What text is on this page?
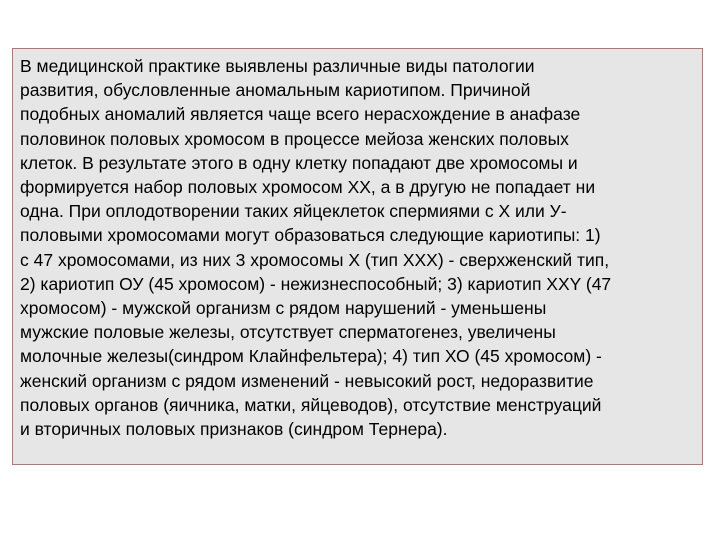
В медицинской практике выявлены различные виды патологии
развития, обусловленные аномальным кариотипом. Причиной
подобных аномалий является чаще всего нерасхождение в анафазе
половинок половых хромосом в процессе мейоза женских половых
клеток. В результате этого в одну клетку попадают две хромосомы и
формируется набор половых хромосом ХХ, а в другую не попадает ни
одна. При оплодотворении таких яйцеклеток спермиями с Х или У-
половыми хромосомами могут образоваться следующие кариотипы: 1)
с 47 хромосомами, из них 3 хромосомы Х (тип ХХХ) - сверхженский тип,
2) кариотип ОУ (45 хромосом) - нежизнеспособный; 3) кариотип ХХY (47
хромосом) - мужской организм с рядом нарушений - уменьшены
мужские половые железы, отсутствует сперматогенез, увеличены
молочные железы(синдром Клайнфельтера); 4) тип ХО (45 хромосом) -
женский организм с рядом изменений - невысокий рост, недоразвитие
половых органов (яичника, матки, яйцеводов), отсутствие менструаций
и вторичных половых признаков (синдром Тернера).
